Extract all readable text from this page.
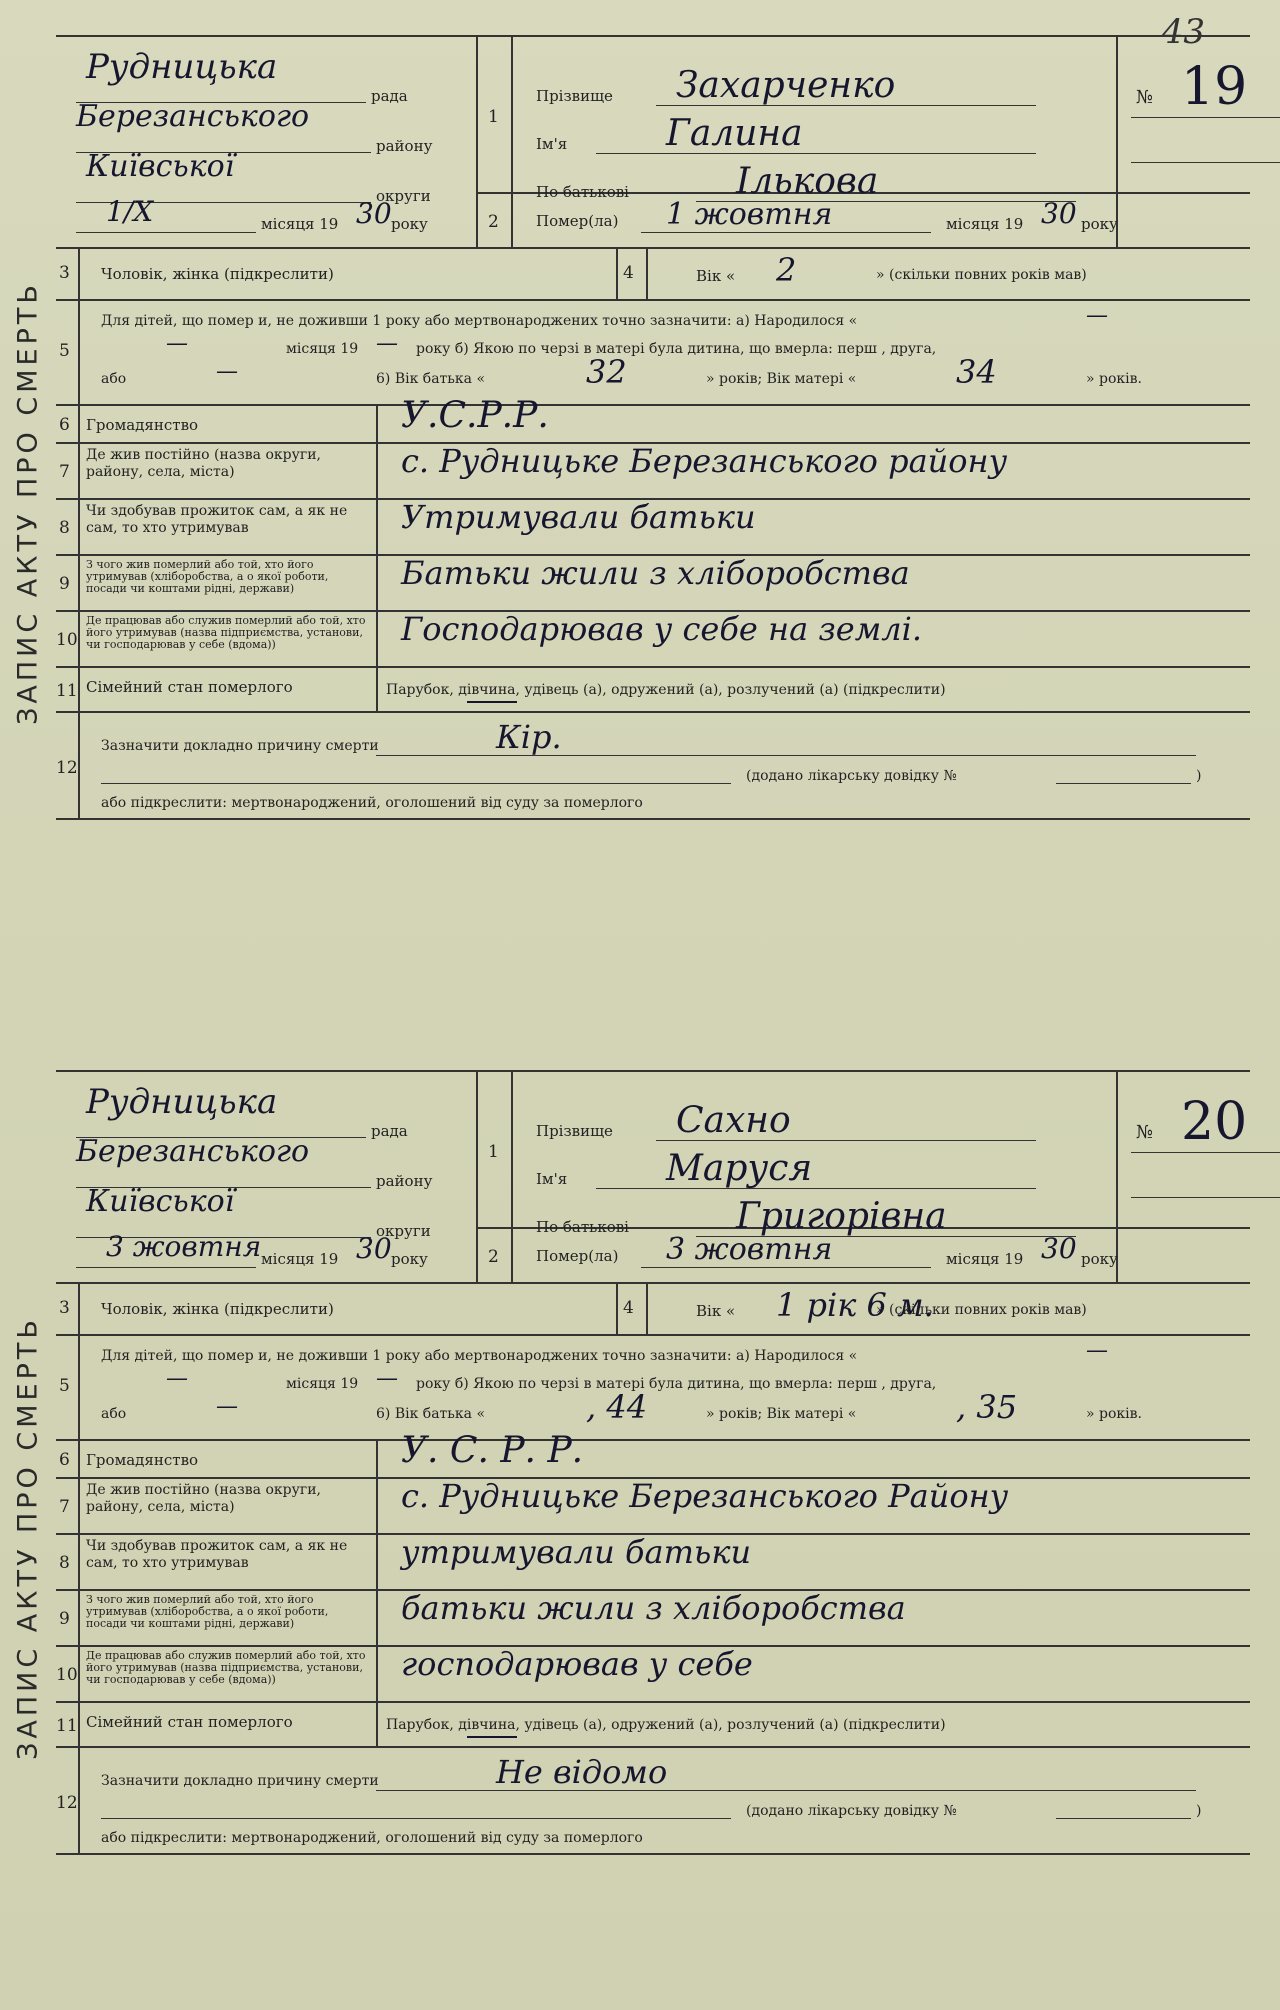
43
ЗАПИС АКТУ ПРО СМЕРТЬ
рада
району
округи
Рудницька
Березанського
Київської
1/Х	місяця 19 30 року
1
2
Прізвище Захарченко
Ім'я	Галина
По батькові	Ількова
№ 19
Помер(ла) 1 жовтня	місяця 19 30 року
3 Чоловік, жінка (підкреслити)	4	Вік « 2	» (скільки повних років мав)
5
Для дітей, що помер и, не доживши 1 року або мертвонароджених точно зазначити: а) Народилося «	—
—	місяця 19 — року б) Якою по черзі в матері була дитина, що вмерла: перш , друга,
або	—	6) Вік батька «	32	» років; Вік матері «	34	» років.
6 Громадянство	У.С.Р.Р.
7
Де жив постійно (назва округи, району, села, міста)	с. Рудницьке Березанського району
8
Чи здобував прожиток сам, а як не сам, то хто утримував	Утримували батьки
9
З чого жив померлий або той, хто його утримував (хліборобства, а о якої роботи, посади чи коштами рідні, держави)	Батьки жили з хліборобства
10
Де працював або служив померлий або той, хто його утримував (назва підприємства, установи, чи господарював у себе (вдома))	Господарював у себе на землі.
11 Сімейний стан померлого	Парубок, дівчина, удівець (а), одружений (а), розлучений (а) (підкреслити)
12
Зазначити докладно причину смерти	Кір.
(додано лікарську довідку №
або підкреслити: мертвонароджений, оголошений від суду за померлого
)
ЗАПИС АКТУ ПРО СМЕРТЬ
рада
району
округи
Рудницька
Березанського
Київської
3 жовтня місяця 19 30 року
1
2
Прізвище Сахно
Ім'я	Маруся
По батькові	Григорівна
№ 20
Помер(ла) 3 жовтня	місяця 19 30 року
3 Чоловік, жінка (підкреслити)	4	Вік « 1 рік 6 м.
» (скільки повних років мав)
5
Для дітей, що помер и, не доживши 1 року або мертвонароджених точно зазначити: а) Народилося «	—
—	місяця 19 — року б) Якою по черзі в матері була дитина, що вмерла: перш , друга,
або	—	6) Вік батька «	, 44	» років; Вік матері «	, 35	» років.
6 Громадянство	У. С. Р. Р.
7
Де жив постійно (назва округи, району, села, міста)	с. Рудницьке Березанського Району
8
Чи здобував прожиток сам, а як не сам, то хто утримував	утримували батьки
9
З чого жив померлий або той, хто його утримував (хліборобства, а о якої роботи, посади чи коштами рідні, держави)	батьки жили з хліборобства
10
Де працював або служив померлий або той, хто його утримував (назва підприємства, установи, чи господарював у себе (вдома))	господарював у себе
11 Сімейний стан померлого	Парубок, дівчина, удівець (а), одружений (а), розлучений (а) (підкреслити)
12
Зазначити докладно причину смерти	Не відомо
(додано лікарську довідку №
або підкреслити: мертвонароджений, оголошений від суду за померлого
)
